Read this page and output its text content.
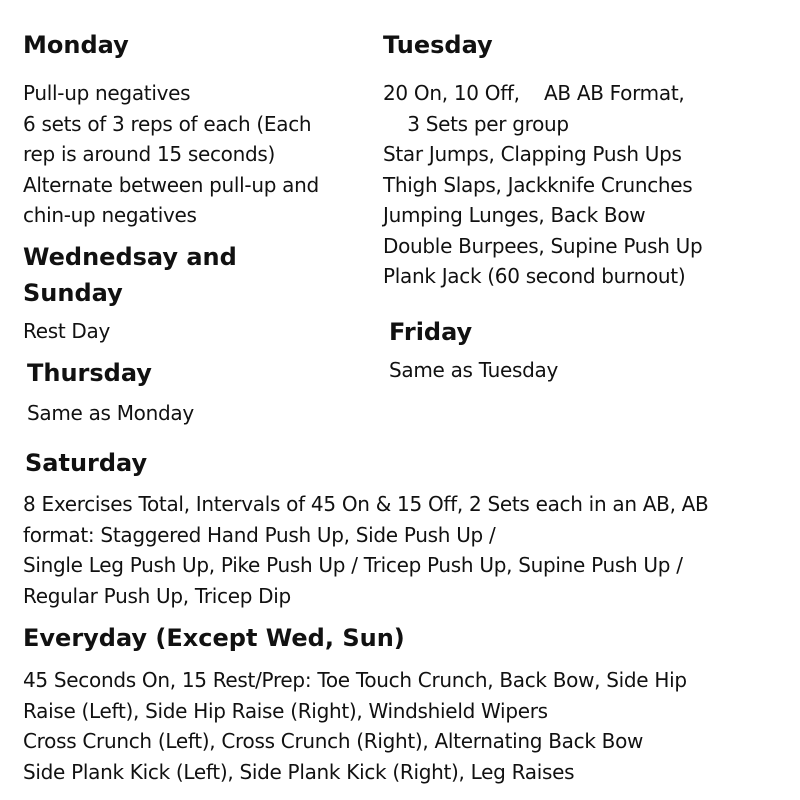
Monday
Pull-up negatives
6 sets of 3 reps of each (Each
rep is around 15 seconds)
Alternate between pull-up and
chin-up negatives
Tuesday
20 On, 10 Off,    AB AB Format,
3 Sets per group
Star Jumps, Clapping Push Ups
Thigh Slaps, Jackknife Crunches
Jumping Lunges, Back Bow
Double Burpees, Supine Push Up
Plank Jack (60 second burnout)
Wednedsay and
Sunday
Rest Day	Friday
Same as Tuesday
Thursday
Same as Monday
Saturday
8 Exercises Total, Intervals of 45 On & 15 Off, 2 Sets each in an AB, AB
format: Staggered Hand Push Up, Side Push Up /
Single Leg Push Up, Pike Push Up / Tricep Push Up, Supine Push Up /
Regular Push Up, Tricep Dip
Everyday (Except Wed, Sun)
45 Seconds On, 15 Rest/Prep: Toe Touch Crunch, Back Bow, Side Hip
Raise (Left), Side Hip Raise (Right), Windshield Wipers
Cross Crunch (Left), Cross Crunch (Right), Alternating Back Bow
Side Plank Kick (Left), Side Plank Kick (Right), Leg Raises
